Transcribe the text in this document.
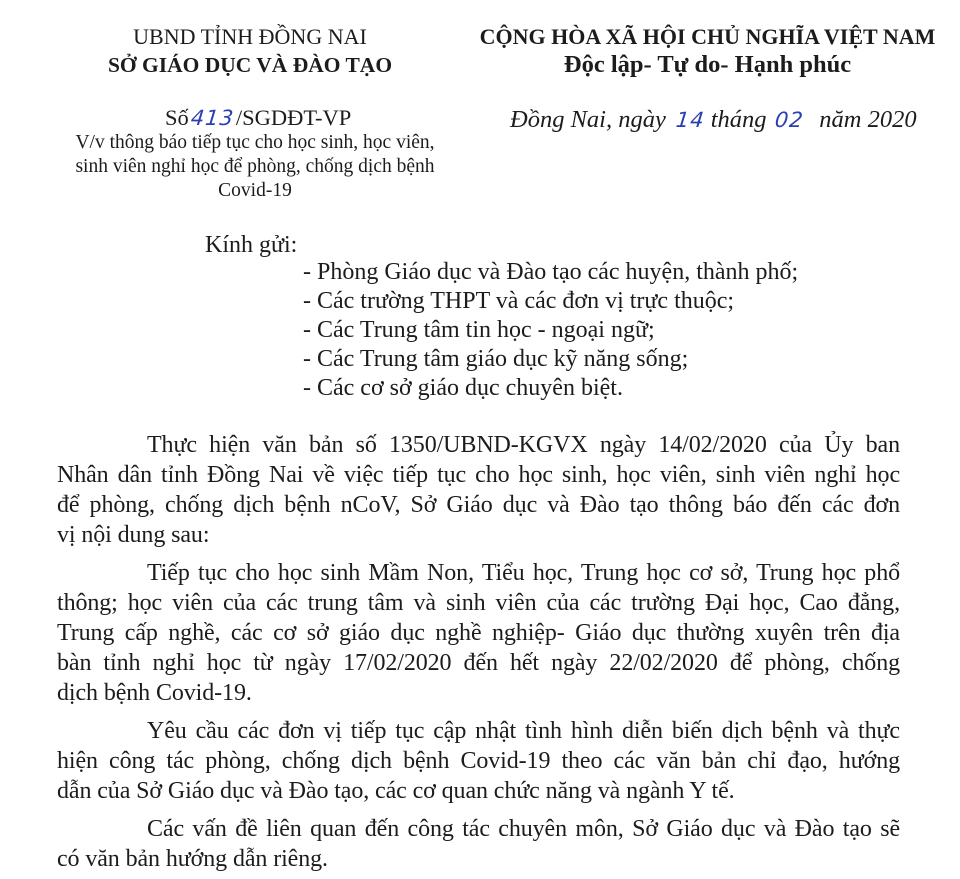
UBND TỈNH ĐỒNG NAI
SỞ GIÁO DỤC VÀ ĐÀO TẠO
CỘNG HÒA XÃ HỘI CHỦ NGHĨA VIỆT NAM
Độc lập- Tự do- Hạnh phúc
Số413/SGDĐT-VP
V/v thông báo tiếp tục cho học sinh, học viên,
sinh viên nghỉ học để phòng, chống dịch bệnh
Covid-19
Đồng Nai, ngày 14 tháng 02 năm 2020
Kính gửi:
- Phòng Giáo dục và Đào tạo các huyện, thành phố;
- Các trường THPT và các đơn vị trực thuộc;
- Các Trung tâm tin học - ngoại ngữ;
- Các Trung tâm giáo dục kỹ năng sống;
- Các cơ sở giáo dục chuyên biệt.
Thực hiện văn bản số 1350/UBND-KGVX ngày 14/02/2020 của Ủy ban
Nhân dân tỉnh Đồng Nai về việc tiếp tục cho học sinh, học viên, sinh viên nghỉ học
để phòng, chống dịch bệnh nCoV, Sở Giáo dục và Đào tạo thông báo đến các đơn
vị nội dung sau:
Tiếp tục cho học sinh Mầm Non, Tiểu học, Trung học cơ sở, Trung học phổ
thông; học viên của các trung tâm và sinh viên của các trường Đại học, Cao đẳng,
Trung cấp nghề, các cơ sở giáo dục nghề nghiệp- Giáo dục thường xuyên trên địa
bàn tỉnh nghỉ học từ ngày 17/02/2020 đến hết ngày 22/02/2020 để phòng, chống
dịch bệnh Covid-19.
Yêu cầu các đơn vị tiếp tục cập nhật tình hình diễn biến dịch bệnh và thực
hiện công tác phòng, chống dịch bệnh Covid-19 theo các văn bản chỉ đạo, hướng
dẫn của Sở Giáo dục và Đào tạo, các cơ quan chức năng và ngành Y tế.
Các vấn đề liên quan đến công tác chuyên môn, Sở Giáo dục và Đào tạo sẽ
có văn bản hướng dẫn riêng.
